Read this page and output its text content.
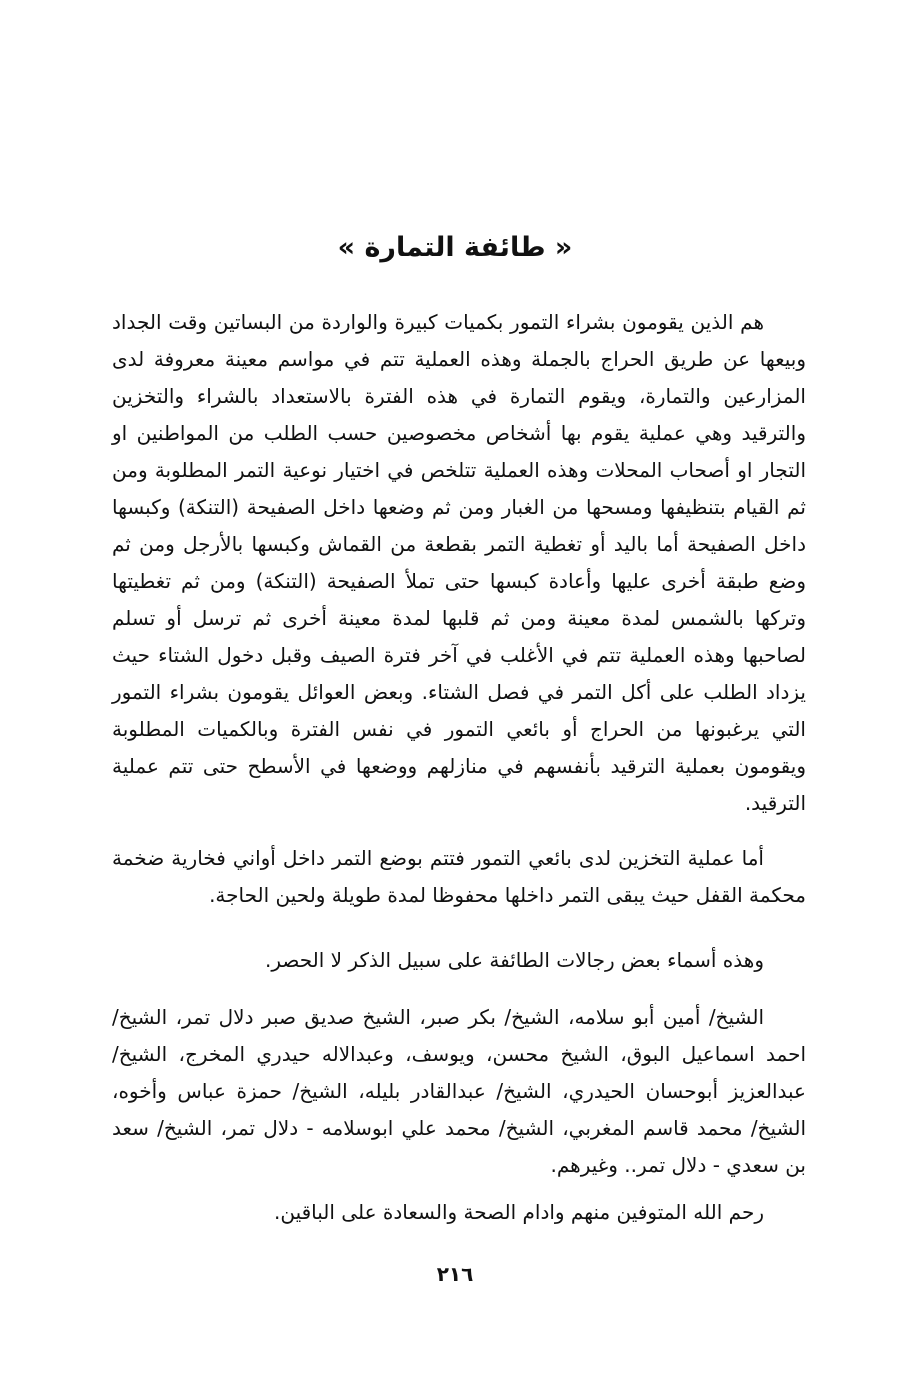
« طائفة التمارة »

هم الذين يقومون بشراء التمور بكميات كبيرة والواردة من البساتين وقت الجداد وبيعها عن طريق الحراج بالجملة وهذه العملية تتم في مواسم معينة معروفة لدى المزارعين والتمارة، ويقوم التمارة في هذه الفترة بالاستعداد بالشراء والتخزين والترقيد وهي عملية يقوم بها أشخاص مخصوصين حسب الطلب من المواطنين او التجار او أصحاب المحلات وهذه العملية تتلخص في اختيار نوعية التمر المطلوبة ومن ثم القيام بتنظيفها ومسحها من الغبار ومن ثم وضعها داخل الصفيحة (التنكة) وكبسها داخل الصفيحة أما باليد أو تغطية التمر بقطعة من القماش وكبسها بالأرجل ومن ثم وضع طبقة أخرى عليها وأعادة كبسها حتى تملأ الصفيحة (التنكة) ومن ثم تغطيتها وتركها بالشمس لمدة معينة ومن ثم قلبها لمدة معينة أخرى ثم ترسل أو تسلم لصاحبها وهذه العملية تتم في الأغلب في آخر فترة الصيف وقبل دخول الشتاء حيث يزداد الطلب على أكل التمر في فصل الشتاء. وبعض العوائل يقومون بشراء التمور التي يرغبونها من الحراج أو بائعي التمور في نفس الفترة وبالكميات المطلوبة ويقومون بعملية الترقيد بأنفسهم في منازلهم ووضعها في الأسطح حتى تتم عملية الترقيد.

أما عملية التخزين لدى بائعي التمور فتتم بوضع التمر داخل أواني فخارية ضخمة محكمة القفل حيث يبقى التمر داخلها محفوظا لمدة طويلة ولحين الحاجة.

وهذه أسماء بعض رجالات الطائفة على سبيل الذكر لا الحصر.

الشيخ/ أمين أبو سلامه، الشيخ/ بكر صبر، الشيخ صديق صبر دلال تمر، الشيخ/ احمد اسماعيل البوق، الشيخ محسن، ويوسف، وعبدالاله حيدري المخرج، الشيخ/ عبدالعزيز أبوحسان الحيدري، الشيخ/ عبدالقادر بليله، الشيخ/ حمزة عباس وأخوه، الشيخ/ محمد قاسم المغربي، الشيخ/ محمد علي ابوسلامه - دلال تمر، الشيخ/ سعد بن سعدي - دلال تمر.. وغيرهم.

رحم الله المتوفين منهم وادام الصحة والسعادة على الباقين.

٢١٦
